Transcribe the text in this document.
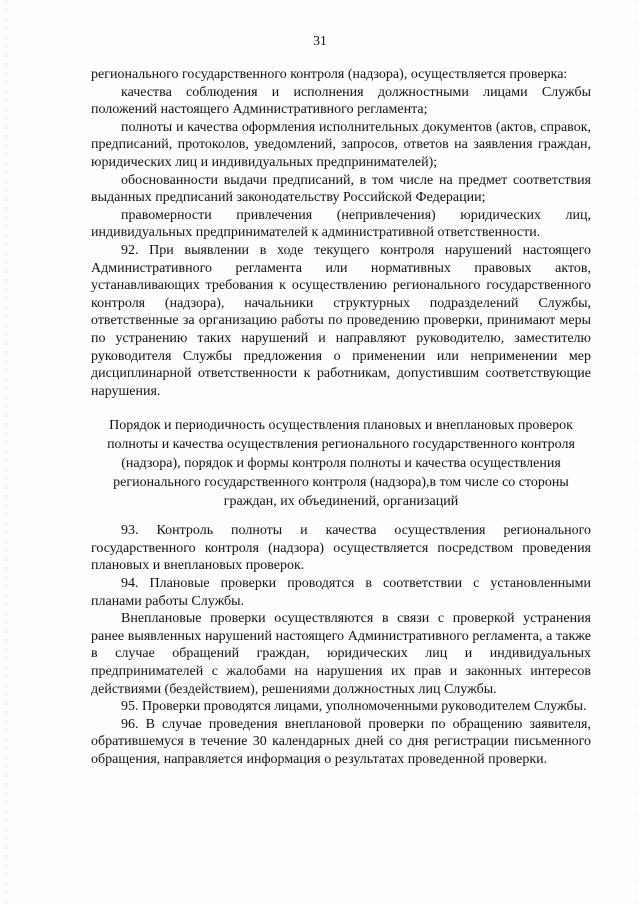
31

регионального государственного контроля (надзора), осуществляется проверка:

качества соблюдения и исполнения должностными лицами Службы положений настоящего Административного регламента;

полноты и качества оформления исполнительных документов (актов, справок, предписаний, протоколов, уведомлений, запросов, ответов на заявления граждан, юридических лиц и индивидуальных предпринимателей);

обоснованности выдачи предписаний, в том числе на предмет соответствия выданных предписаний законодательству Российской Федерации;

правомерности привлечения (непривлечения) юридических лиц, индивидуальных предпринимателей к административной ответственности.

92. При выявлении в ходе текущего контроля нарушений настоящего Административного регламента или нормативных правовых актов, устанавливающих требования к осуществлению регионального государственного контроля (надзора), начальники структурных подразделений Службы, ответственные за организацию работы по проведению проверки, принимают меры по устранению таких нарушений и направляют руководителю, заместителю руководителя Службы предложения о применении или неприменении мер дисциплинарной ответственности к работникам, допустившим соответствующие нарушения.

Порядок и периодичность осуществления плановых и внеплановых проверок полноты и качества осуществления регионального государственного контроля (надзора), порядок и формы контроля полноты и качества осуществления регионального государственного контроля (надзора),в том числе со стороны граждан, их объединений, организаций

93. Контроль полноты и качества осуществления регионального государственного контроля (надзора) осуществляется посредством проведения плановых и внеплановых проверок.

94. Плановые проверки проводятся в соответствии с установленными планами работы Службы.

Внеплановые проверки осуществляются в связи с проверкой устранения ранее выявленных нарушений настоящего Административного регламента, а также в случае обращений граждан, юридических лиц и индивидуальных предпринимателей с жалобами на нарушения их прав и законных интересов действиями (бездействием), решениями должностных лиц Службы.

95. Проверки проводятся лицами, уполномоченными руководителем Службы.

96. В случае проведения внеплановой проверки по обращению заявителя, обратившемуся в течение 30 календарных дней со дня регистрации письменного обращения, направляется информация о результатах проведенной проверки.
